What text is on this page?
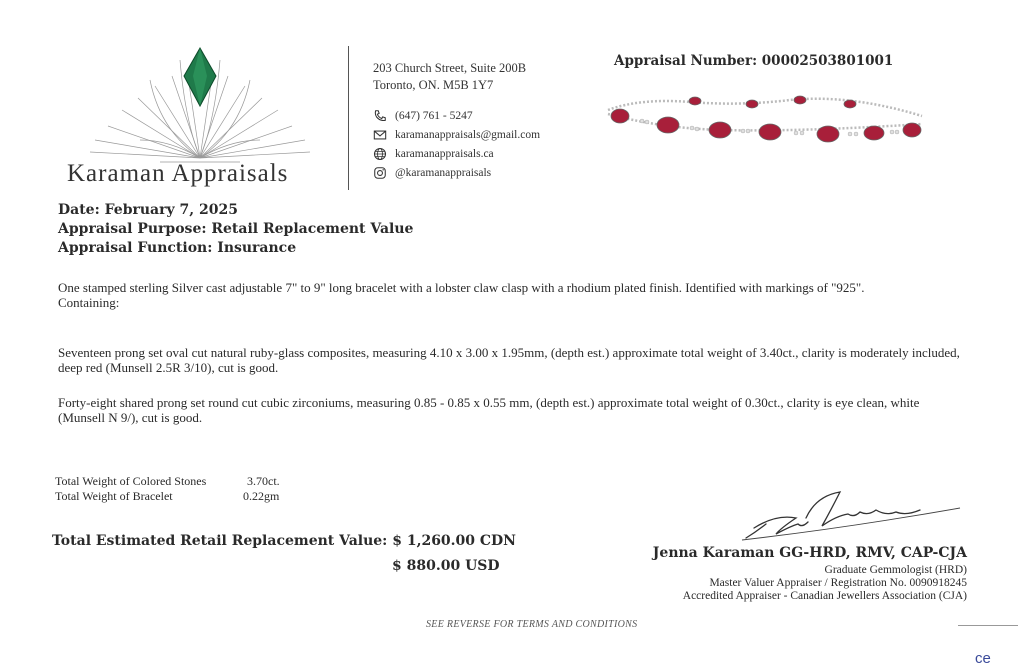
Karaman Appraisals
203 Church Street, Suite 200B
Toronto, ON. M5B 1Y7
(647) 761 - 5247
karamanappraisals@gmail.com
karamanappraisals.ca
@karamanappraisals
Appraisal Number: 00002503801001
Date: February 7, 2025
Appraisal Purpose: Retail Replacement Value
Appraisal Function: Insurance
One stamped sterling Silver cast adjustable 7" to 9" long bracelet with a lobster claw clasp with a rhodium plated finish. Identified with markings of "925".
Containing:
Seventeen prong set oval cut natural ruby-glass composites, measuring 4.10 x 3.00 x 1.95mm, (depth est.) approximate total weight of 3.40ct., clarity is moderately included, deep red (Munsell 2.5R 3/10), cut is good.
Forty-eight shared prong set round cut cubic zirconiums, measuring 0.85 - 0.85 x 0.55 mm, (depth est.) approximate total weight of 0.30ct., clarity is eye clean, white (Munsell N 9/), cut is good.
Total Weight of Colored Stones	3.70ct.
Total Weight of Bracelet	0.22gm
Total Estimated Retail Replacement Value: $ 1,260.00 CDN
$ 880.00 USD
Jenna Karaman GG-HRD, RMV, CAP-CJA
Graduate Gemmologist (HRD)
Master Valuer Appraiser / Registration No. 0090918245
Accredited Appraiser - Canadian Jewellers Association (CJA)
SEE REVERSE FOR TERMS AND CONDITIONS
ce
